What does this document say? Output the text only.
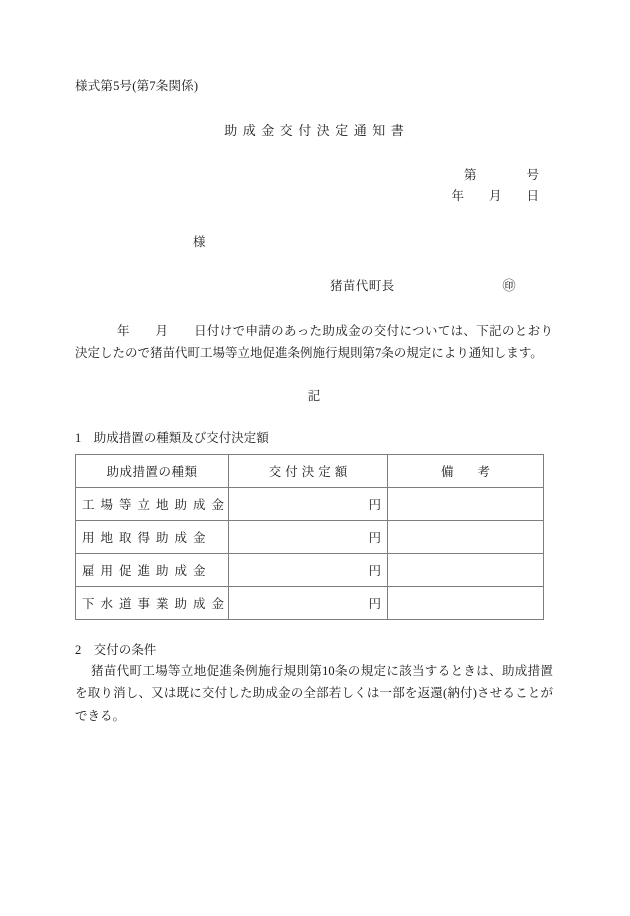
様式第5号(第7条関係)
助成金交付決定通知書
第　　　　号
年　　月　　日
様
猪苗代町長	㊞
年　　月　　日付けで申請のあった助成金の交付については、下記のとおり決定したので猪苗代町工場等立地促進条例施行規則第7条の規定により通知します。
記
1　助成措置の種類及び交付決定額
助成措置の種類	交付決定額	備考
工場等立地助成金	円	
用地取得助成金	円	
雇用促進助成金	円	
下水道事業助成金	円	
2　交付の条件
猪苗代町工場等立地促進条例施行規則第10条の規定に該当するときは、助成措置を取り消し、又は既に交付した助成金の全部若しくは一部を返還(納付)させることができる。
